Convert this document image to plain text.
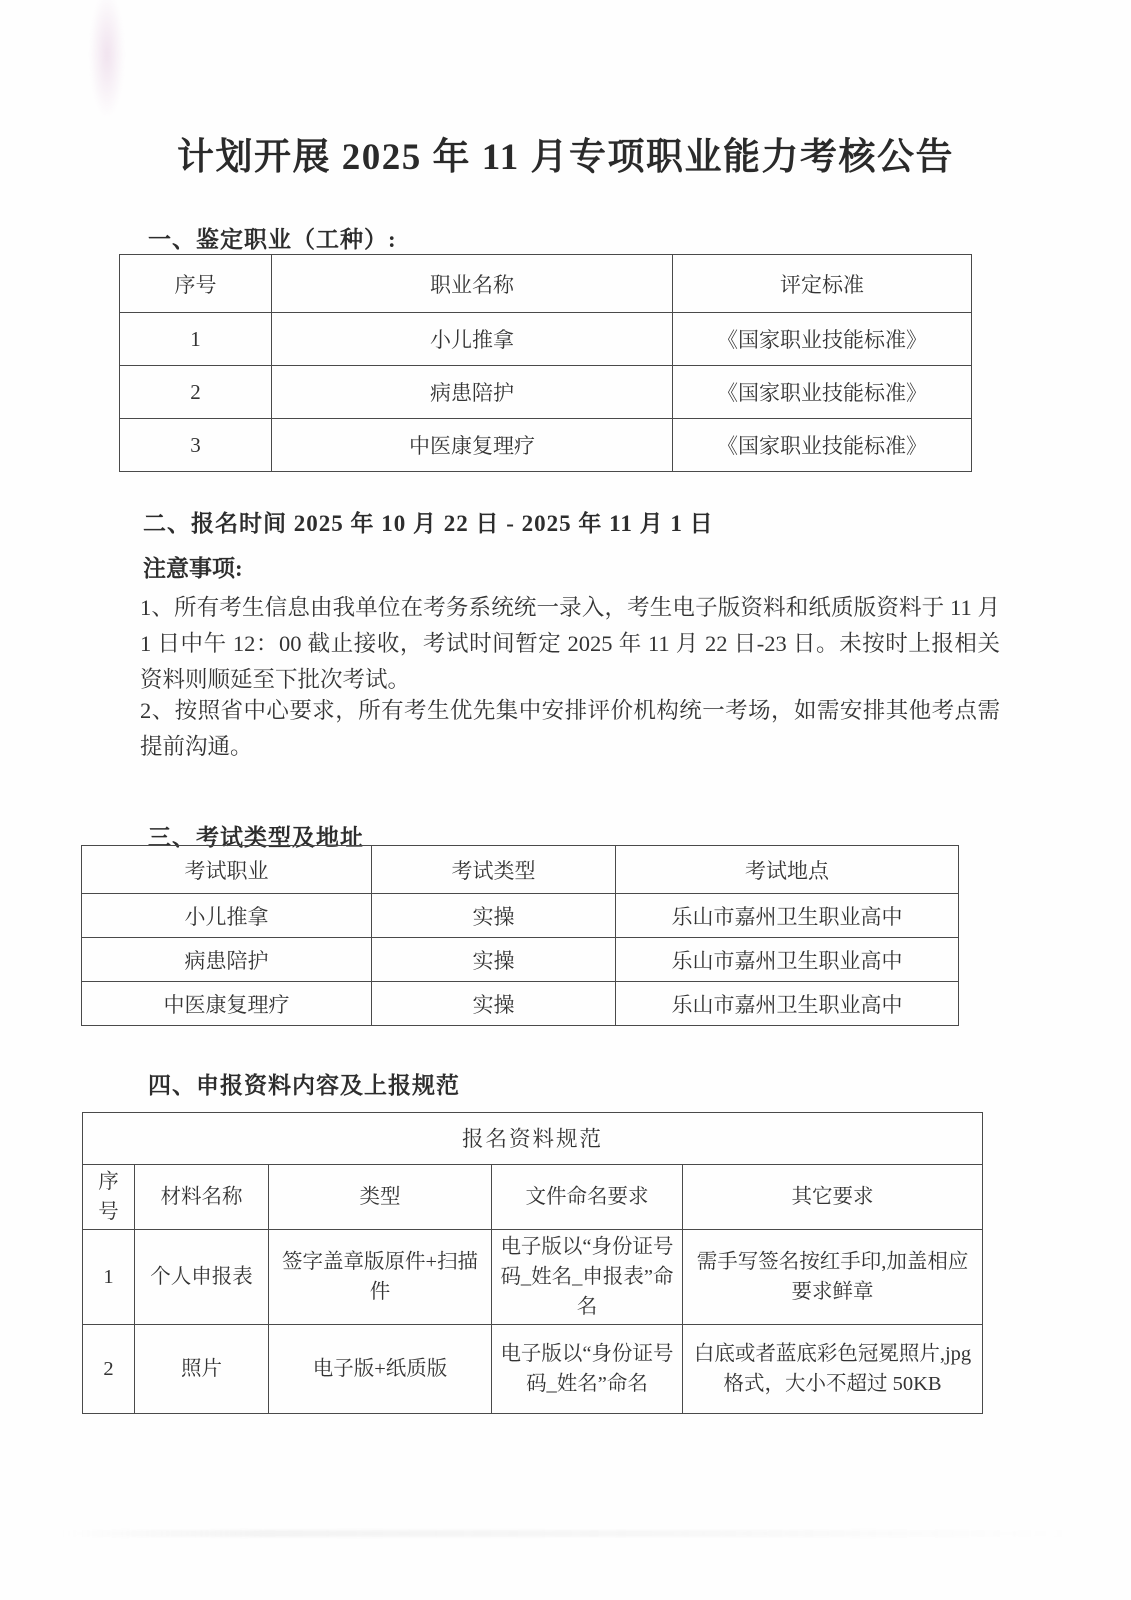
计划开展 2025 年 11 月专项职业能力考核公告
一、鉴定职业（工种）:
序号	职业名称	评定标准
1	小儿推拿	《国家职业技能标准》
2	病患陪护	《国家职业技能标准》
3	中医康复理疗	《国家职业技能标准》
二、报名时间 2025 年 10 月 22 日 - 2025 年 11 月 1 日
注意事项:

1、所有考生信息由我单位在考务系统统一录入，考生电子版资料和纸质版资料于 11 月 1 日中午 12：00 截止接收，考试时间暂定 2025 年 11 月 22 日-23 日。未按时上报相关资料则顺延至下批次考试。

2、按照省中心要求，所有考生优先集中安排评价机构统一考场，如需安排其他考点需提前沟通。

三、考试类型及地址
考试职业	考试类型	考试地点
小儿推拿	实操	乐山市嘉州卫生职业高中
病患陪护	实操	乐山市嘉州卫生职业高中
中医康复理疗	实操	乐山市嘉州卫生职业高中
四、申报资料内容及上报规范
报名资料规范				
序号	材料名称	类型	文件命名要求	其它要求
1	个人申报表	签字盖章版原件+扫描件	电子版以“身份证号码_姓名_申报表”命名	需手写签名按红手印,加盖相应要求鲜章
2	照片	电子版+纸质版	电子版以“身份证号码_姓名”命名	白底或者蓝底彩色冠冕照片,jpg 格式，大小不超过 50KB
